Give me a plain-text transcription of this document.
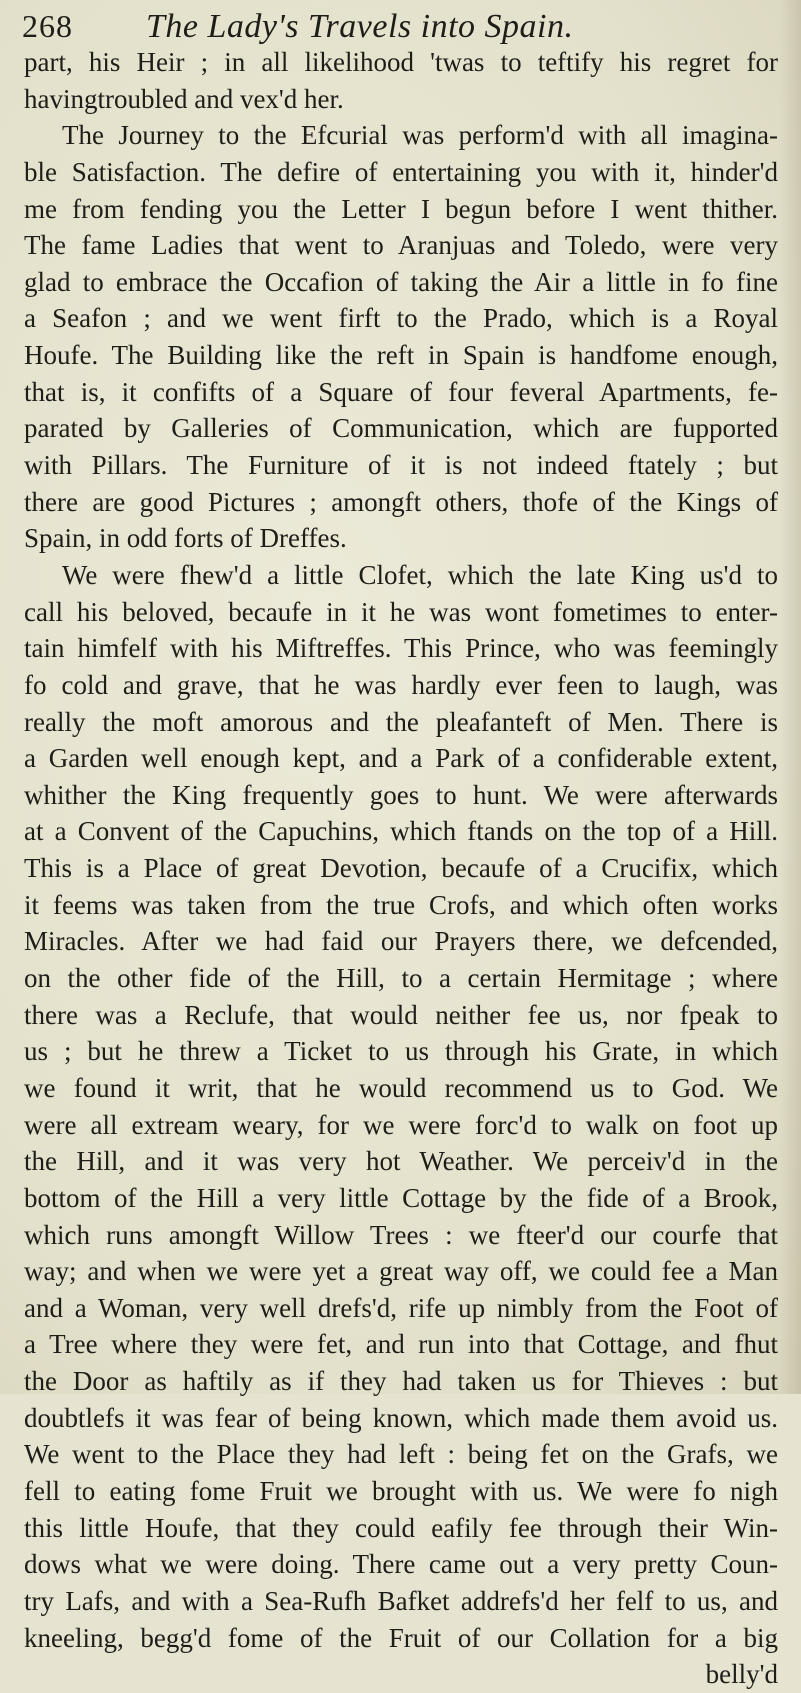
268 The Lady's Travels into Spain.
part, his Heir ; in all likelihood 'twas to teftify his regret for
havingtroubled and vex'd her.
The Journey to the Efcurial was perform'd with all imagina-
ble Satisfaction. The defire of entertaining you with it, hinder'd
me from fending you the Letter I begun before I went thither.
The fame Ladies that went to Aranjuas and Toledo, were very
glad to embrace the Occafion of taking the Air a little in fo fine
a Seafon ; and we went firft to the Prado, which is a Royal
Houfe. The Building like the reft in Spain is handfome enough,
that is, it confifts of a Square of four feveral Apartments, fe-
parated by Galleries of Communication, which are fupported
with Pillars. The Furniture of it is not indeed ftately ; but
there are good Pictures ; amongft others, thofe of the Kings of
Spain, in odd forts of Dreffes.
We were fhew'd a little Clofet, which the late King us'd to
call his beloved, becaufe in it he was wont fometimes to enter-
tain himfelf with his Miftreffes. This Prince, who was feemingly
fo cold and grave, that he was hardly ever feen to laugh, was
really the moft amorous and the pleafanteft of Men. There is
a Garden well enough kept, and a Park of a confiderable extent,
whither the King frequently goes to hunt. We were afterwards
at a Convent of the Capuchins, which ftands on the top of a Hill.
This is a Place of great Devotion, becaufe of a Crucifix, which
it feems was taken from the true Crofs, and which often works
Miracles. After we had faid our Prayers there, we defcended,
on the other fide of the Hill, to a certain Hermitage ; where
there was a Reclufe, that would neither fee us, nor fpeak to
us ; but he threw a Ticket to us through his Grate, in which
we found it writ, that he would recommend us to God. We
were all extream weary, for we were forc'd to walk on foot up
the Hill, and it was very hot Weather. We perceiv'd in the
bottom of the Hill a very little Cottage by the fide of a Brook,
which runs amongft Willow Trees : we fteer'd our courfe that
way; and when we were yet a great way off, we could fee a Man
and a Woman, very well drefs'd, rife up nimbly from the Foot of
a Tree where they were fet, and run into that Cottage, and fhut
the Door as haftily as if they had taken us for Thieves : but
doubtlefs it was fear of being known, which made them avoid us.
We went to the Place they had left : being fet on the Grafs, we
fell to eating fome Fruit we brought with us. We were fo nigh
this little Houfe, that they could eafily fee through their Win-
dows what we were doing. There came out a very pretty Coun-
try Lafs, and with a Sea-Rufh Bafket addrefs'd her felf to us, and
kneeling, begg'd fome of the Fruit of our Collation for a big
belly'd
